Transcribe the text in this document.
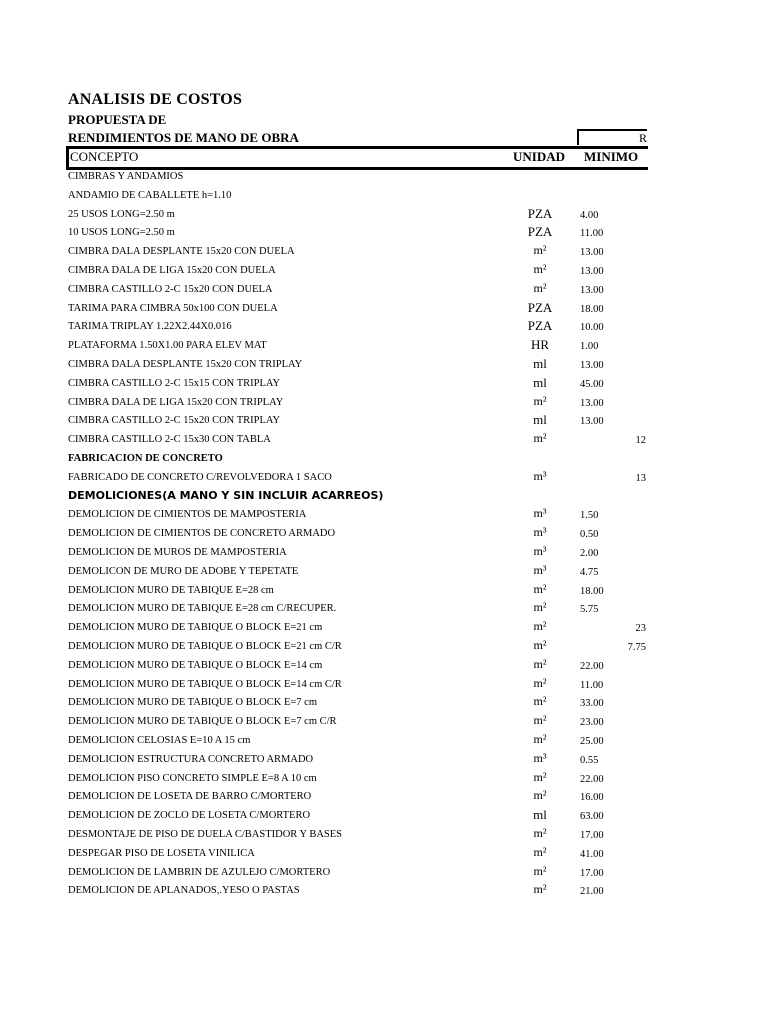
ANALISIS DE COSTOS
PROPUESTA DE
RENDIMIENTOS DE MANO DE OBRA	R
CONCEPTO	UNIDAD MINIMO
CIMBRAS Y ANDAMIOS
ANDAMIO DE CABALLETE h=1.10
25 USOS LONG=2.50 m	PZA	4.00
10 USOS LONG=2.50 m	PZA	11.00
CIMBRA DALA DESPLANTE 15x20 CON DUELA	m²	13.00
CIMBRA DALA DE LIGA 15x20 CON DUELA	m²	13.00
CIMBRA CASTILLO 2-C 15x20 CON DUELA	m²	13.00
TARIMA PARA CIMBRA 50x100 CON DUELA	PZA	18.00
TARIMA TRIPLAY 1.22X2.44X0.016	PZA	10.00
PLATAFORMA 1.50X1.00 PARA ELEV MAT	HR	1.00
CIMBRA DALA DESPLANTE 15x20 CON TRIPLAY	ml	13.00
CIMBRA CASTILLO 2-C 15x15 CON TRIPLAY	ml	45.00
CIMBRA DALA DE LIGA 15x20 CON TRIPLAY	m²	13.00
CIMBRA CASTILLO 2-C 15x20 CON TRIPLAY	ml	13.00
CIMBRA CASTILLO 2-C 15x30 CON TABLA	m²	12
FABRICACION DE CONCRETO
FABRICADO DE CONCRETO C/REVOLVEDORA 1 SACO	m³	13
DEMOLICIONES(A MANO Y SIN INCLUIR ACARREOS)
DEMOLICION DE CIMIENTOS DE MAMPOSTERIA	m³	1.50
DEMOLICION DE CIMIENTOS DE CONCRETO ARMADO	m³	0.50
DEMOLICION DE MUROS DE MAMPOSTERIA	m³	2.00
DEMOLICON DE MURO DE ADOBE Y TEPETATE	m³	4.75
DEMOLICION MURO DE TABIQUE E=28 cm	m²	18.00
DEMOLICION MURO DE TABIQUE E=28 cm C/RECUPER.	m²	5.75
DEMOLICION MURO DE TABIQUE O BLOCK E=21 cm	m²	23
DEMOLICION MURO DE TABIQUE O BLOCK E=21 cm C/R	m²	7.75
DEMOLICION MURO DE TABIQUE O BLOCK E=14 cm	m²	22.00
DEMOLICION MURO DE TABIQUE O BLOCK E=14 cm C/R	m²	11.00
DEMOLICION MURO DE TABIQUE O BLOCK E=7 cm	m²	33.00
DEMOLICION MURO DE TABIQUE O BLOCK E=7 cm C/R	m²	23.00
DEMOLICION CELOSIAS E=10 A 15 cm	m²	25.00
DEMOLICION ESTRUCTURA CONCRETO ARMADO	m³	0.55
DEMOLICION PISO CONCRETO SIMPLE E=8 A 10 cm	m²	22.00
DEMOLICION DE LOSETA DE BARRO C/MORTERO	m²	16.00
DEMOLICION DE ZOCLO DE LOSETA C/MORTERO	ml	63.00
DESMONTAJE DE PISO DE DUELA C/BASTIDOR Y BASES	m²	17.00
DESPEGAR PISO DE LOSETA VINILICA	m²	41.00
DEMOLICION DE LAMBRIN DE AZULEJO C/MORTERO	m²	17.00
DEMOLICION DE APLANADOS,.YESO O PASTAS	m²	21.00
